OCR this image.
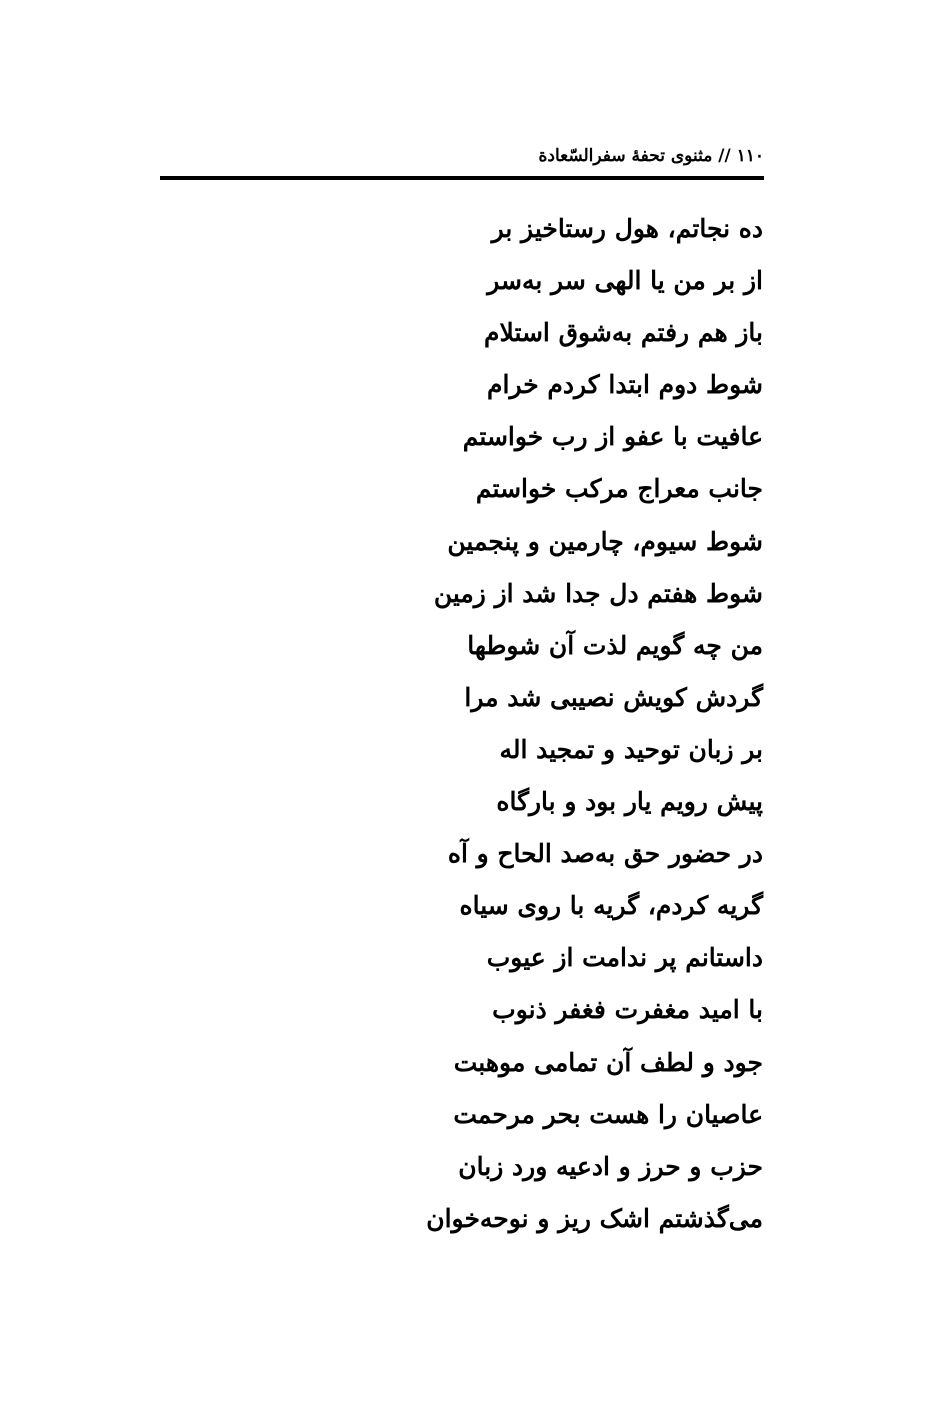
۱۱۰ // مثنوی تحفهٔ سفرالسّعادة
ده نجاتم، هول رستاخیز بر
از بر من یا الهی سر به‌سر
باز هم رفتم به‌شوق استلام
شوط دوم ابتدا کردم خرام
عافیت با عفو از رب خواستم
جانب معراج مرکب خواستم
شوط سیوم، چارمین و پنجمین
شوط هفتم دل جدا شد از زمین
من چه گویم لذت آن شوطها
گردش کویش نصیبی شد مرا
بر زبان توحید و تمجید اله
پیش رویم یار بود و بارگاه
در حضور حق به‌صد الحاح و آه
گریه کردم، گریه با روی سیاه
داستانم پر ندامت از عیوب
با امید مغفرت فغفر ذنوب
جود و لطف آن تمامی موهبت
عاصیان را هست بحر مرحمت
حزب و حرز و ادعیه ورد زبان
می‌گذشتم اشک ریز و نوحه‌خوان
